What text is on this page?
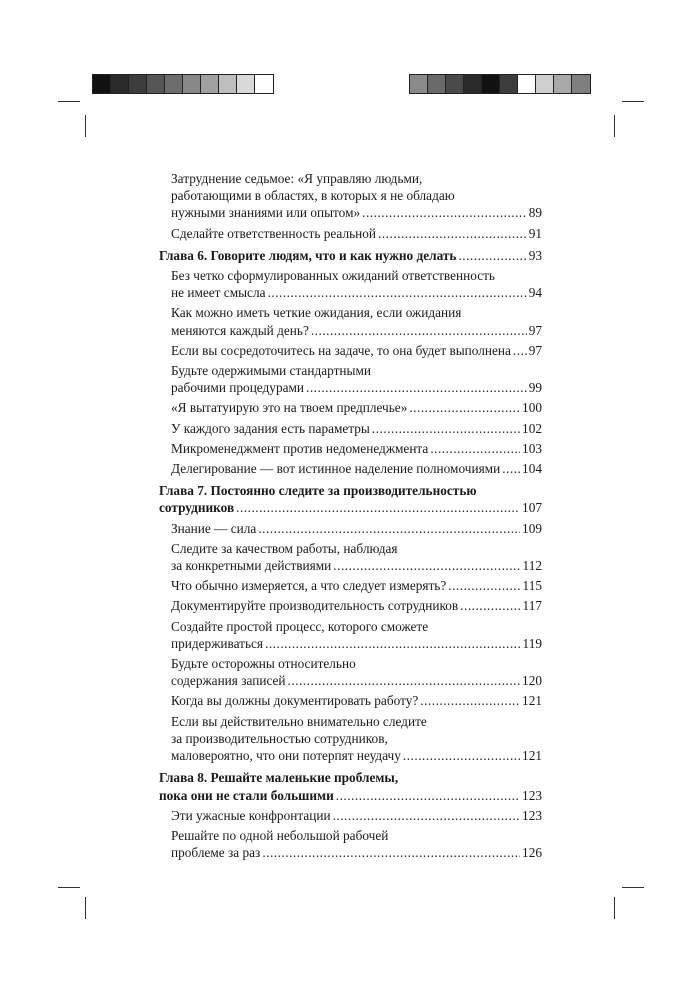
Затруднение седьмое: «Я управляю людьми,
работающими в областях, в которых я не обладаю
нужными знаниями или опытом» .....	89
Сделайте ответственность реальной .....	91
Глава 6. Говорите людям, что и как нужно делать .....	93
Без четко сформулированных ожиданий ответственность
не имеет смысла .....	94
Как можно иметь четкие ожидания, если ожидания
меняются каждый день? .....	97
Если вы сосредоточитесь на задаче, то она будет выполнена ..... 97
Будьте одержимыми стандартными
рабочими процедурами .....	99
«Я вытатуирую это на твоем предплечье» .....	100
У каждого задания есть параметры .....	102
Микроменеджмент против недоменеджмента .....	103
Делегирование — вот истинное наделение полномочиями ..... 104
Глава 7. Постоянно следите за производительностью
сотрудников .....	107
Знание — сила .....	109
Следите за качеством работы, наблюдая
за конкретными действиями .....	112
Что обычно измеряется, а что следует измерять? .....	115
Документируйте производительность сотрудников .....	117
Создайте простой процесс, которого сможете
придерживаться .....	119
Будьте осторожны относительно
содержания записей .....	120
Когда вы должны документировать работу? .....	121
Если вы действительно внимательно следите
за производительностью сотрудников,
маловероятно, что они потерпят неудачу .....	121
Глава 8. Решайте маленькие проблемы,
пока они не стали большими .....	123
Эти ужасные конфронтации .....	123
Решайте по одной небольшой рабочей
проблеме за раз .....	126
